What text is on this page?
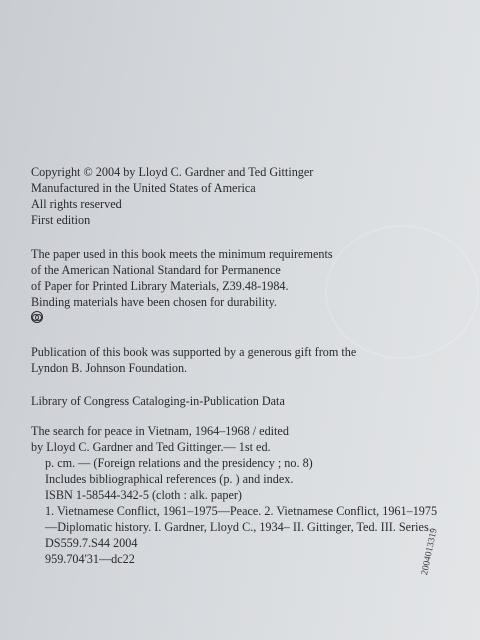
Copyright © 2004 by Lloyd C. Gardner and Ted Gittinger
Manufactured in the United States of America
All rights reserved
First edition
The paper used in this book meets the minimum requirements
of the American National Standard for Permanence
of Paper for Printed Library Materials, Z39.48-1984.
Binding materials have been chosen for durability.
Publication of this book was supported by a generous gift from the
Lyndon B. Johnson Foundation.
Library of Congress Cataloging-in-Publication Data
The search for peace in Vietnam, 1964–1968 / edited
by Lloyd C. Gardner and Ted Gittinger.— 1st ed.
p. cm. — (Foreign relations and the presidency ; no. 8)
Includes bibliographical references (p. ) and index.
ISBN 1-58544-342-5 (cloth : alk. paper)
1. Vietnamese Conflict, 1961–1975—Peace. 2. Vietnamese Conflict, 1961–1975
—Diplomatic history. I. Gardner, Lloyd C., 1934– II. Gittinger, Ted. III. Series.
DS559.7.S44 2004
959.704'31—dc22	2004013319
